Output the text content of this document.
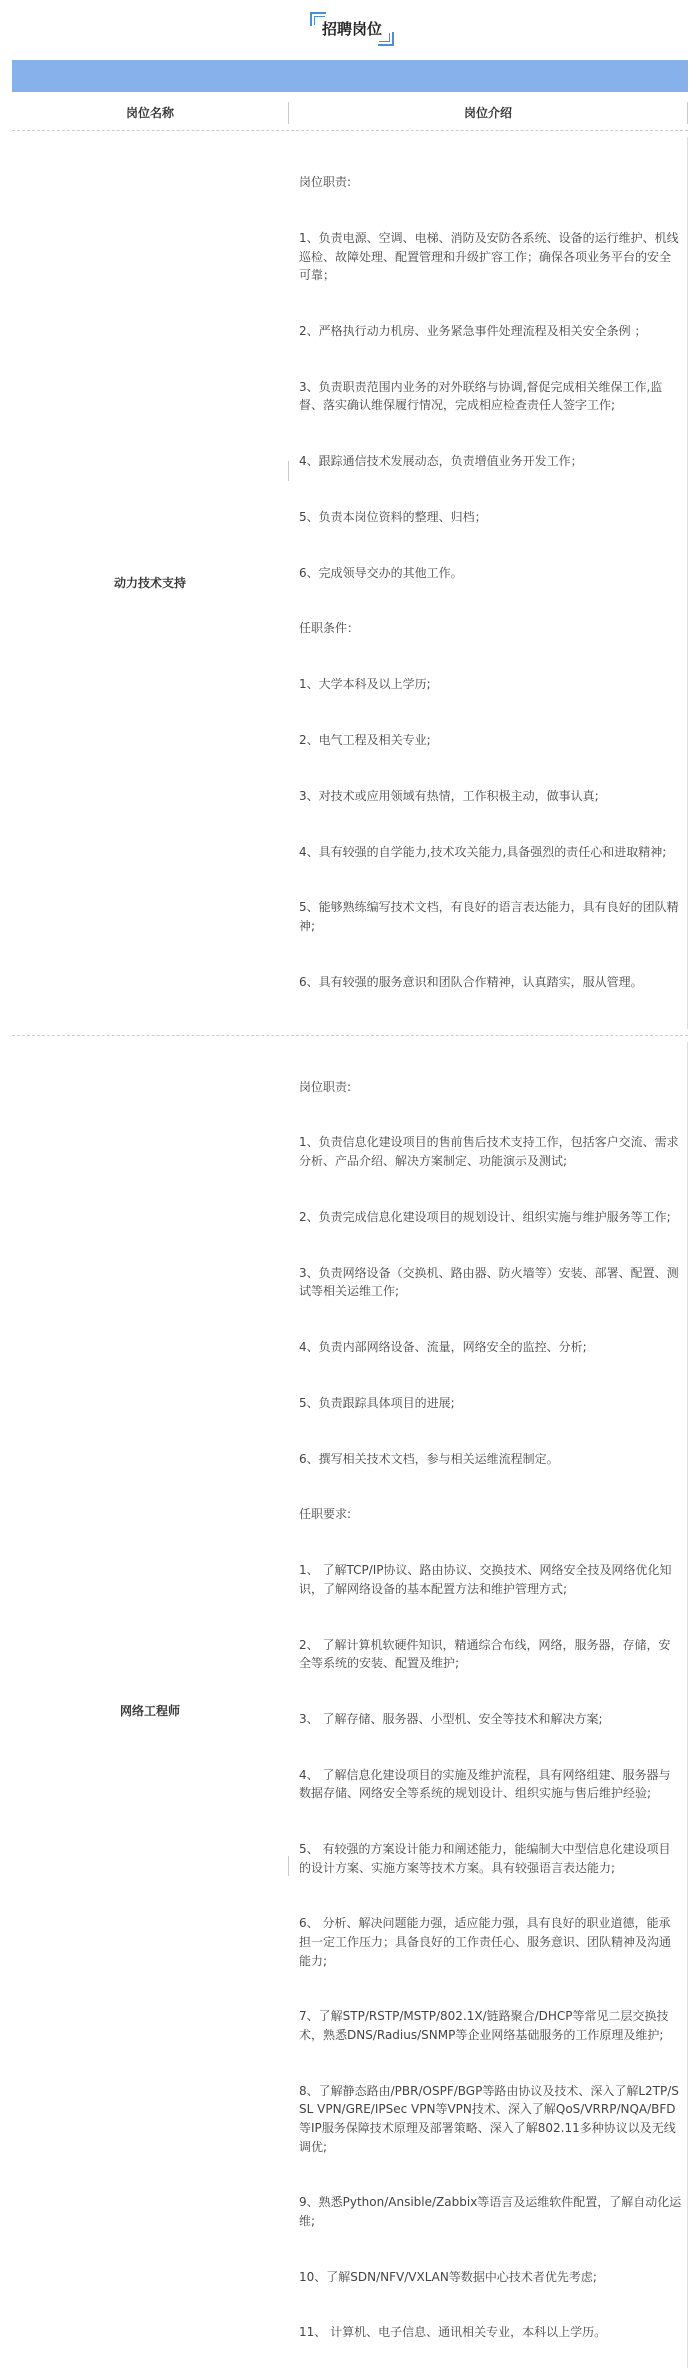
招聘岗位
岗位名称	岗位介绍
动力技术支持

岗位职责:

1、负责电源、空调、电梯、消防及安防各系统、设备的运行维护、机线巡检、故障处理、配置管理和升级扩容工作；确保各项业务平台的安全可靠；

2、严格执行动力机房、业务紧急事件处理流程及相关安全条例 ；

3、负责职责范围内业务的对外联络与协调,督促完成相关维保工作,监督、落实确认维保履行情况，完成相应检查责任人签字工作;

4、跟踪通信技术发展动态，负责增值业务开发工作；

5、负责本岗位资料的整理、归档；

6、完成领导交办的其他工作。

任职条件：

1、大学本科及以上学历;

2、电气工程及相关专业;

3、对技术或应用领域有热情，工作积极主动，做事认真;

4、具有较强的自学能力,技术攻关能力,具备强烈的责任心和进取精神;

5、能够熟练编写技术文档，有良好的语言表达能力，具有良好的团队精神;

6、具有较强的服务意识和团队合作精神，认真踏实，服从管理。

网络工程师

岗位职责:

1、负责信息化建设项目的售前售后技术支持工作，包括客户交流、需求分析、产品介绍、解决方案制定、功能演示及测试;

2、负责完成信息化建设项目的规划设计、组织实施与维护服务等工作;

3、负责网络设备（交换机、路由器、防火墙等）安装、部署、配置、测试等相关运维工作;

4、负责内部网络设备、流量，网络安全的监控、分析;

5、负责跟踪具体项目的进展;

6、撰写相关技术文档，参与相关运维流程制定。

任职要求:

1、 了解TCP/IP协议、路由协议、交换技术、网络安全技及网络优化知识，了解网络设备的基本配置方法和维护管理方式;

2、 了解计算机软硬件知识，精通综合布线，网络，服务器，存储，安全等系统的安装、配置及维护;

3、 了解存储、服务器、小型机、安全等技术和解决方案;

4、 了解信息化建设项目的实施及维护流程，具有网络组建、服务器与数据存储、网络安全等系统的规划设计、组织实施与售后维护经验;

5、 有较强的方案设计能力和阐述能力，能编制大中型信息化建设项目的设计方案、实施方案等技术方案。具有较强语言表达能力;

6、 分析、解决问题能力强，适应能力强，具有良好的职业道德，能承担一定工作压力；具备良好的工作责任心、服务意识、团队精神及沟通能力;

7、了解STP/RSTP/MSTP/802.1X/链路聚合/DHCP等常见二层交换技术，熟悉DNS/Radius/SNMP等企业网络基础服务的工作原理及维护;

8、了解静态路由/PBR/OSPF/BGP等路由协议及技术、深入了解L2TP/SSL VPN/GRE/IPSec VPN等VPN技术、深入了解QoS/VRRP/NQA/BFD等IP服务保障技术原理及部署策略、深入了解802.11多种协议以及无线调优;

9、熟悉Python/Ansible/Zabbix等语言及运维软件配置，了解自动化运维;

10、了解SDN/NFV/VXLAN等数据中心技术者优先考虑;

11、 计算机、电子信息、通讯相关专业，本科以上学历。
